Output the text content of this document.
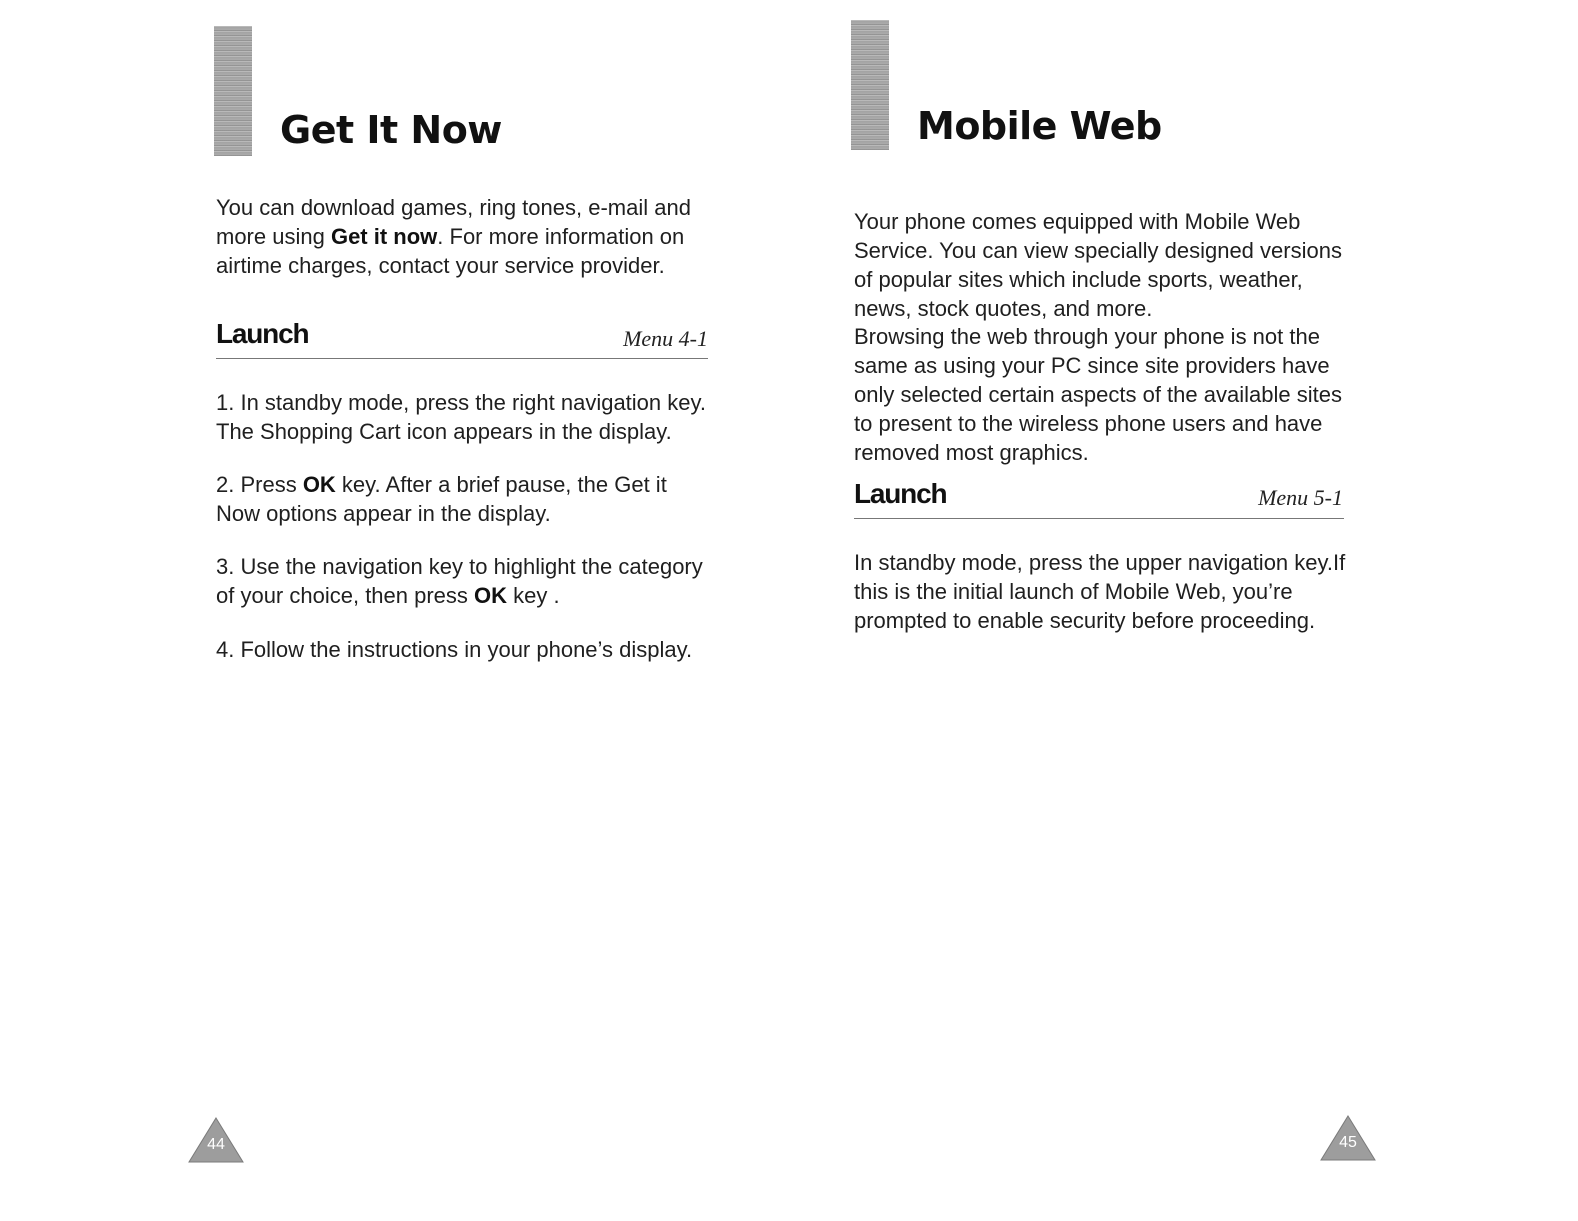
Get It Now

You can download games, ring tones, e-mail and more using Get it now. For more information on airtime charges, contact your service provider.

Launch	Menu 4-1

1. In standby mode, press the right navigation key. The Shopping Cart icon appears in the display.

2. Press OK key. After a brief pause, the Get it Now options appear in the display.

3. Use the navigation key to highlight the category of your choice, then press OK key .

4. Follow the instructions in your phone’s display.

44
Mobile Web

Your phone comes equipped with Mobile Web Service. You can view specially designed versions of popular sites which include sports, weather, news, stock quotes, and more.

Browsing the web through your phone is not the same as using your PC since site providers have only selected certain aspects of the available sites to present to the wireless phone users and have removed most graphics.

Launch	Menu 5-1

In standby mode, press the upper navigation key.If this is the initial launch of Mobile Web, you’re prompted to enable security before proceeding.

45
